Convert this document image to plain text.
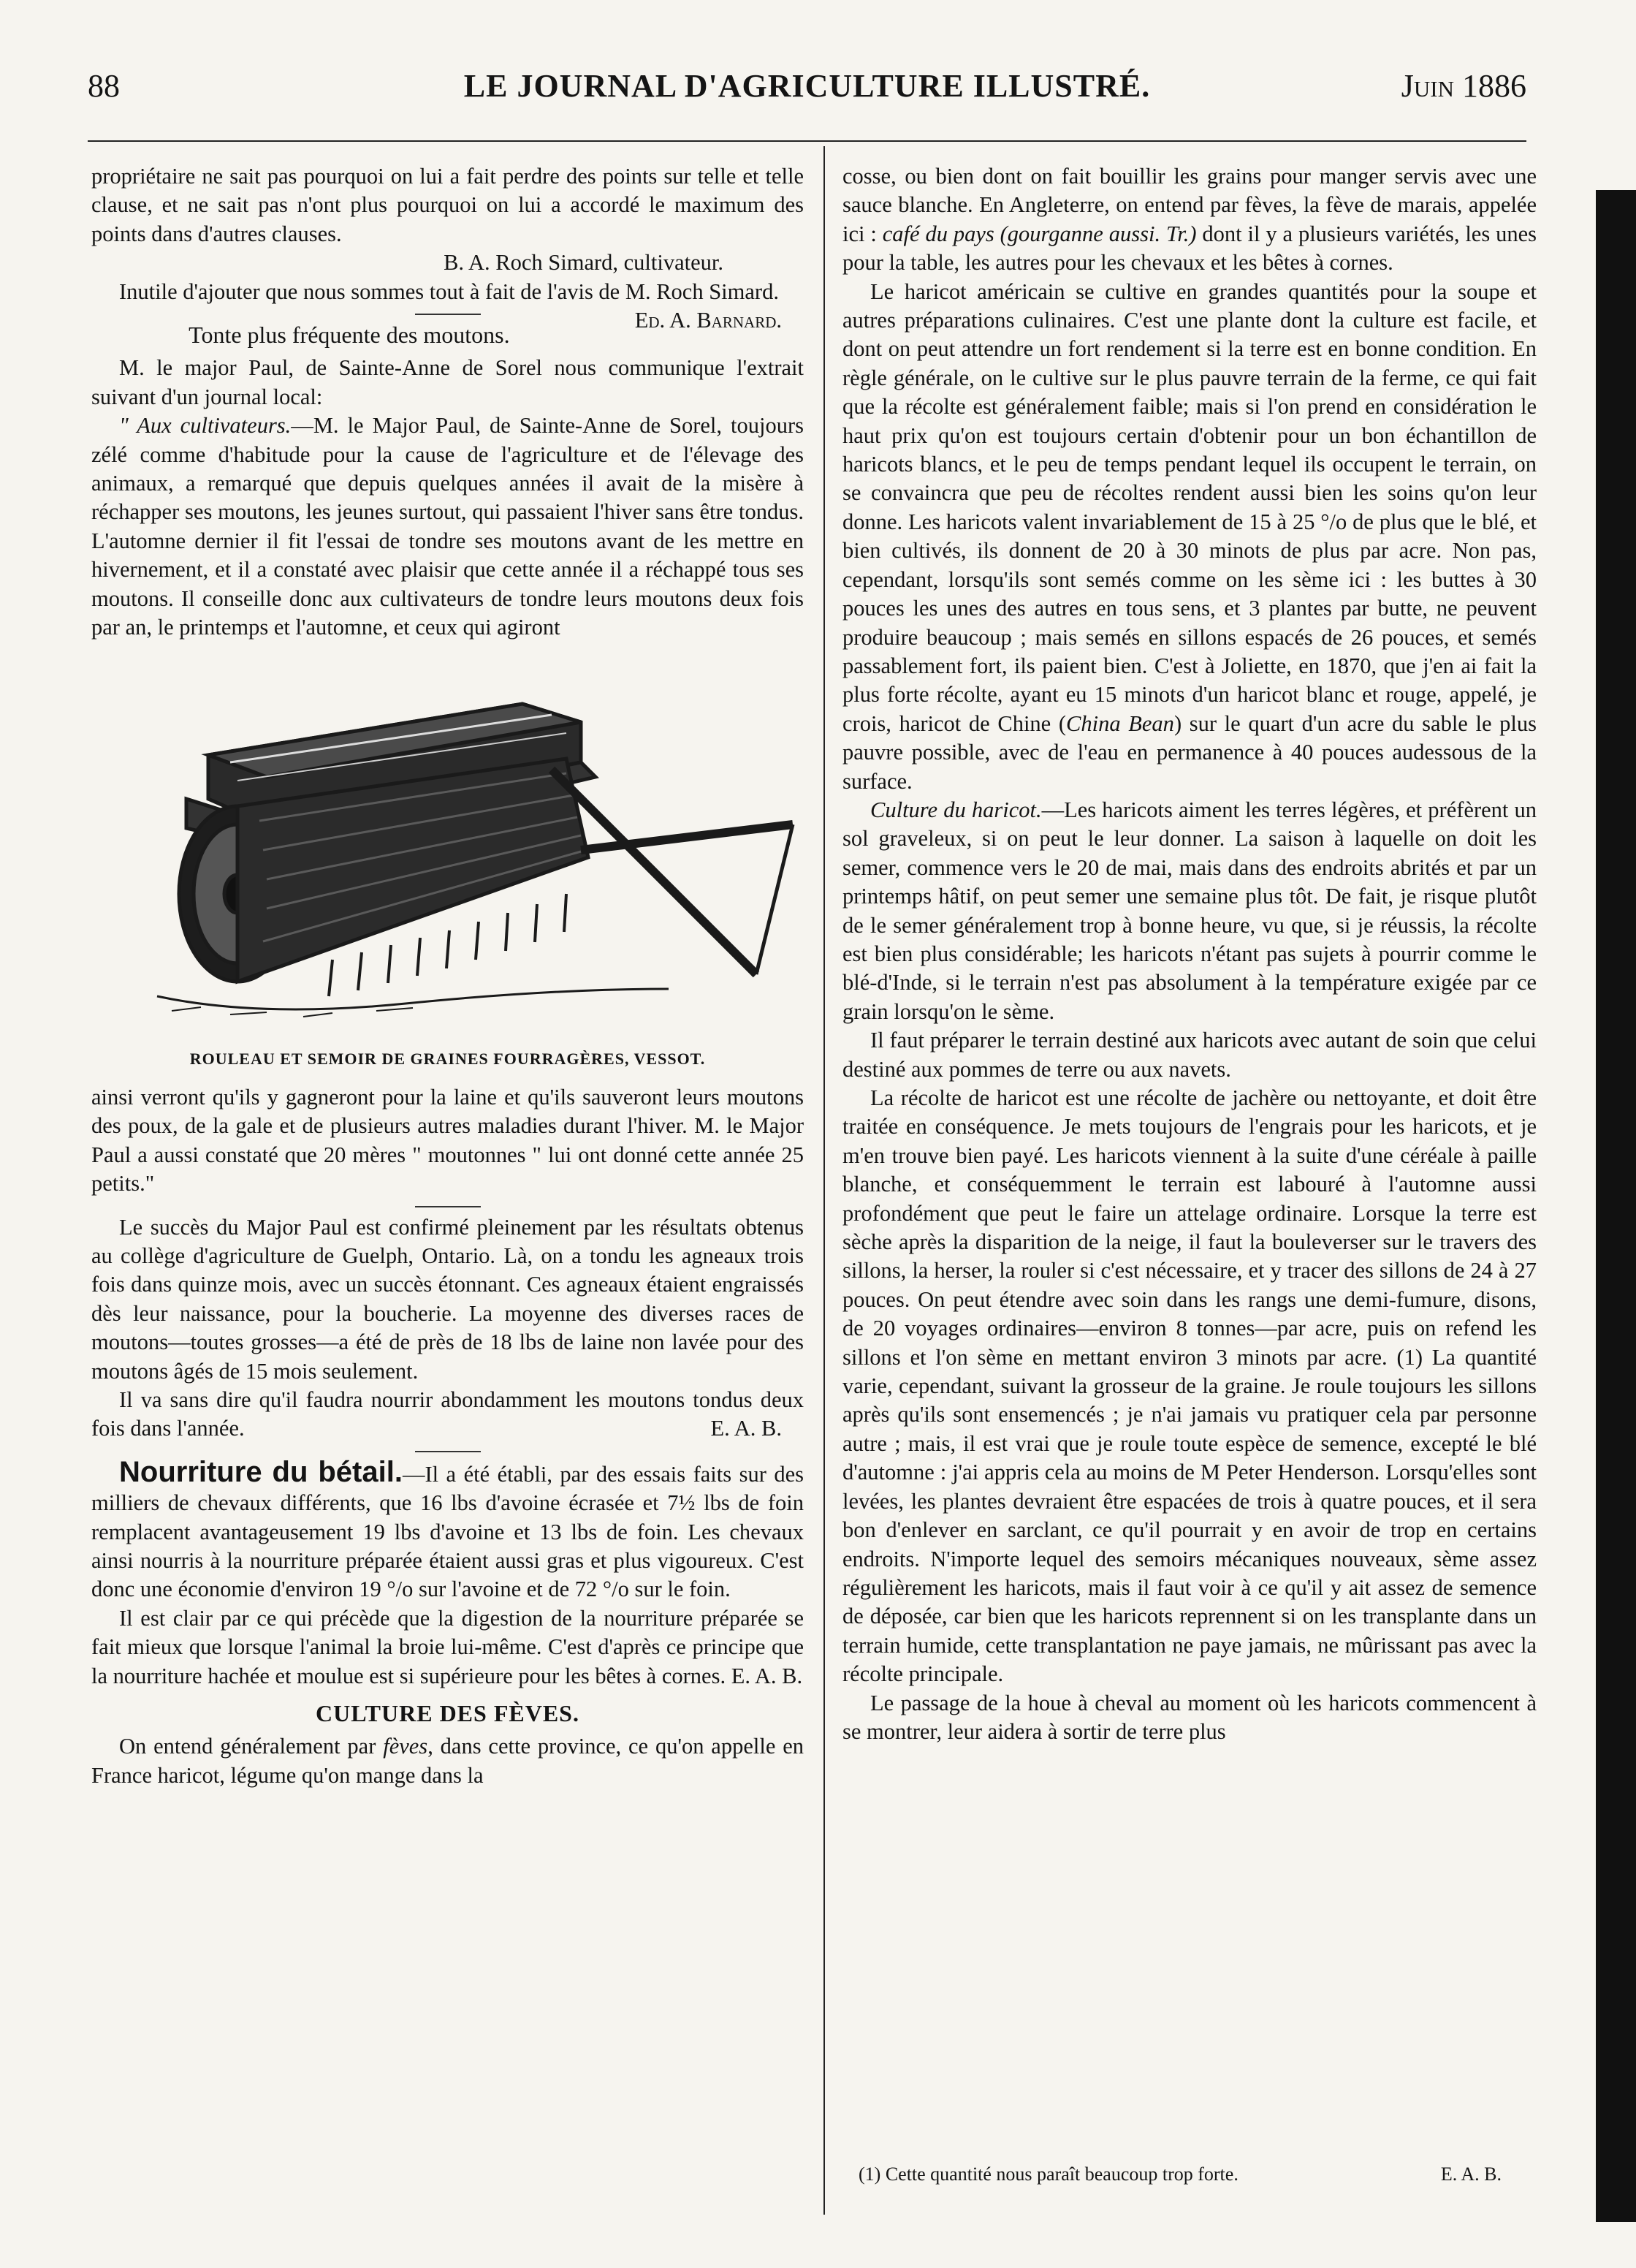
88	LE JOURNAL D'AGRICULTURE ILLUSTRÉ.	Juin 1886

propriétaire ne sait pas pourquoi on lui a fait perdre des points sur telle et telle clause, et ne sait pas n'ont plus pourquoi on lui a accordé le maximum des points dans d'autres clauses.

B. A. Roch Simard, cultivateur.

Inutile d'ajouter que nous sommes tout à fait de l'avis de M. Roch Simard.
Ed. A. Barnard.

Tonte plus fréquente des moutons.

M. le major Paul, de Sainte-Anne de Sorel nous communique l'extrait suivant d'un journal local:

" Aux cultivateurs.—M. le Major Paul, de Sainte-Anne de Sorel, toujours zélé comme d'habitude pour la cause de l'agriculture et de l'élevage des animaux, a remarqué que depuis quelques années il avait de la misère à réchapper ses moutons, les jeunes surtout, qui passaient l'hiver sans être tondus. L'automne dernier il fit l'essai de tondre ses moutons avant de les mettre en hivernement, et il a constaté avec plaisir que cette année il a réchappé tous ses moutons. Il conseille donc aux cultivateurs de tondre leurs moutons deux fois par an, le printemps et l'automne, et ceux qui agiront

ROULEAU ET SEMOIR DE GRAINES FOURRAGÈRES, VESSOT.

ainsi verront qu'ils y gagneront pour la laine et qu'ils sauveront leurs moutons des poux, de la gale et de plusieurs autres maladies durant l'hiver. M. le Major Paul a aussi constaté que 20 mères " moutonnes " lui ont donné cette année 25 petits."

Le succès du Major Paul est confirmé pleinement par les résultats obtenus au collège d'agriculture de Guelph, Ontario. Là, on a tondu les agneaux trois fois dans quinze mois, avec un succès étonnant. Ces agneaux étaient engraissés dès leur naissance, pour la boucherie. La moyenne des diverses races de moutons—toutes grosses—a été de près de 18 lbs de laine non lavée pour des moutons âgés de 15 mois seulement.

Il va sans dire qu'il faudra nourrir abondamment les moutons tondus deux fois dans l'année.	E. A. B.

Nourriture du bétail.—Il a été établi, par des essais faits sur des milliers de chevaux différents, que 16 lbs d'avoine écrasée et 7½ lbs de foin remplacent avantageusement 19 lbs d'avoine et 13 lbs de foin. Les chevaux ainsi nourris à la nourriture préparée étaient aussi gras et plus vigoureux. C'est donc une économie d'environ 19 °/o sur l'avoine et de 72 °/o sur le foin.

Il est clair par ce qui précède que la digestion de la nourriture préparée se fait mieux que lorsque l'animal la broie lui-même. C'est d'après ce principe que la nourriture hachée et moulue est si supérieure pour les bêtes à cornes. E. A. B.

CULTURE DES FÈVES.

On entend généralement par fèves, dans cette province, ce qu'on appelle en France haricot, légume qu'on mange dans la

cosse, ou bien dont on fait bouillir les grains pour manger servis avec une sauce blanche. En Angleterre, on entend par fèves, la fève de marais, appelée ici : café du pays (gourganne aussi. Tr.) dont il y a plusieurs variétés, les unes pour la table, les autres pour les chevaux et les bêtes à cornes.

Le haricot américain se cultive en grandes quantités pour la soupe et autres préparations culinaires. C'est une plante dont la culture est facile, et dont on peut attendre un fort rendement si la terre est en bonne condition. En règle générale, on le cultive sur le plus pauvre terrain de la ferme, ce qui fait que la récolte est généralement faible; mais si l'on prend en considération le haut prix qu'on est toujours certain d'obtenir pour un bon échantillon de haricots blancs, et le peu de temps pendant lequel ils occupent le terrain, on se convaincra que peu de récoltes rendent aussi bien les soins qu'on leur donne. Les haricots valent invariablement de 15 à 25 °/o de plus que le blé, et bien cultivés, ils donnent de 20 à 30 minots de plus par acre. Non pas, cependant, lorsqu'ils sont semés comme on les sème ici : les buttes à 30 pouces les unes des autres en tous sens, et 3 plantes par butte, ne peuvent produire beaucoup ; mais semés en sillons espacés de 26 pouces, et semés passablement fort, ils paient bien. C'est à Joliette, en 1870, que j'en ai fait la plus forte récolte, ayant eu 15 minots d'un haricot blanc et rouge, appelé, je crois, haricot de Chine (China Bean) sur le quart d'un acre du sable le plus pauvre possible, avec de l'eau en permanence à 40 pouces audessous de la surface.

Culture du haricot.—Les haricots aiment les terres légères, et préfèrent un sol graveleux, si on peut le leur donner. La saison à laquelle on doit les semer, commence vers le 20 de mai, mais dans des endroits abrités et par un printemps hâtif, on peut semer une semaine plus tôt. De fait, je risque plutôt de le semer généralement trop à bonne heure, vu que, si je réussis, la récolte est bien plus considérable; les haricots n'étant pas sujets à pourrir comme le blé-d'Inde, si le terrain n'est pas absolument à la température exigée par ce grain lorsqu'on le sème.

Il faut préparer le terrain destiné aux haricots avec autant de soin que celui destiné aux pommes de terre ou aux navets.

La récolte de haricot est une récolte de jachère ou nettoyante, et doit être traitée en conséquence. Je mets toujours de l'engrais pour les haricots, et je m'en trouve bien payé. Les haricots viennent à la suite d'une céréale à paille blanche, et conséquemment le terrain est labouré à l'automne aussi profondément que peut le faire un attelage ordinaire. Lorsque la terre est sèche après la disparition de la neige, il faut la bouleverser sur le travers des sillons, la herser, la rouler si c'est nécessaire, et y tracer des sillons de 24 à 27 pouces. On peut étendre avec soin dans les rangs une demi-fumure, disons, de 20 voyages ordinaires—environ 8 tonnes—par acre, puis on refend les sillons et l'on sème en mettant environ 3 minots par acre. (1) La quantité varie, cependant, suivant la grosseur de la graine. Je roule toujours les sillons après qu'ils sont ensemencés ; je n'ai jamais vu pratiquer cela par personne autre ; mais, il est vrai que je roule toute espèce de semence, excepté le blé d'automne : j'ai appris cela au moins de M Peter Henderson. Lorsqu'elles sont levées, les plantes devraient être espacées de trois à quatre pouces, et il sera bon d'enlever en sarclant, ce qu'il pourrait y en avoir de trop en certains endroits. N'importe lequel des semoirs mécaniques nouveaux, sème assez régulièrement les haricots, mais il faut voir à ce qu'il y ait assez de semence de déposée, car bien que les haricots reprennent si on les transplante dans un terrain humide, cette transplantation ne paye jamais, ne mûrissant pas avec la récolte principale.

Le passage de la houe à cheval au moment où les haricots commencent à se montrer, leur aidera à sortir de terre plus

(1) Cette quantité nous paraît beaucoup trop forte.	E. A. B.
